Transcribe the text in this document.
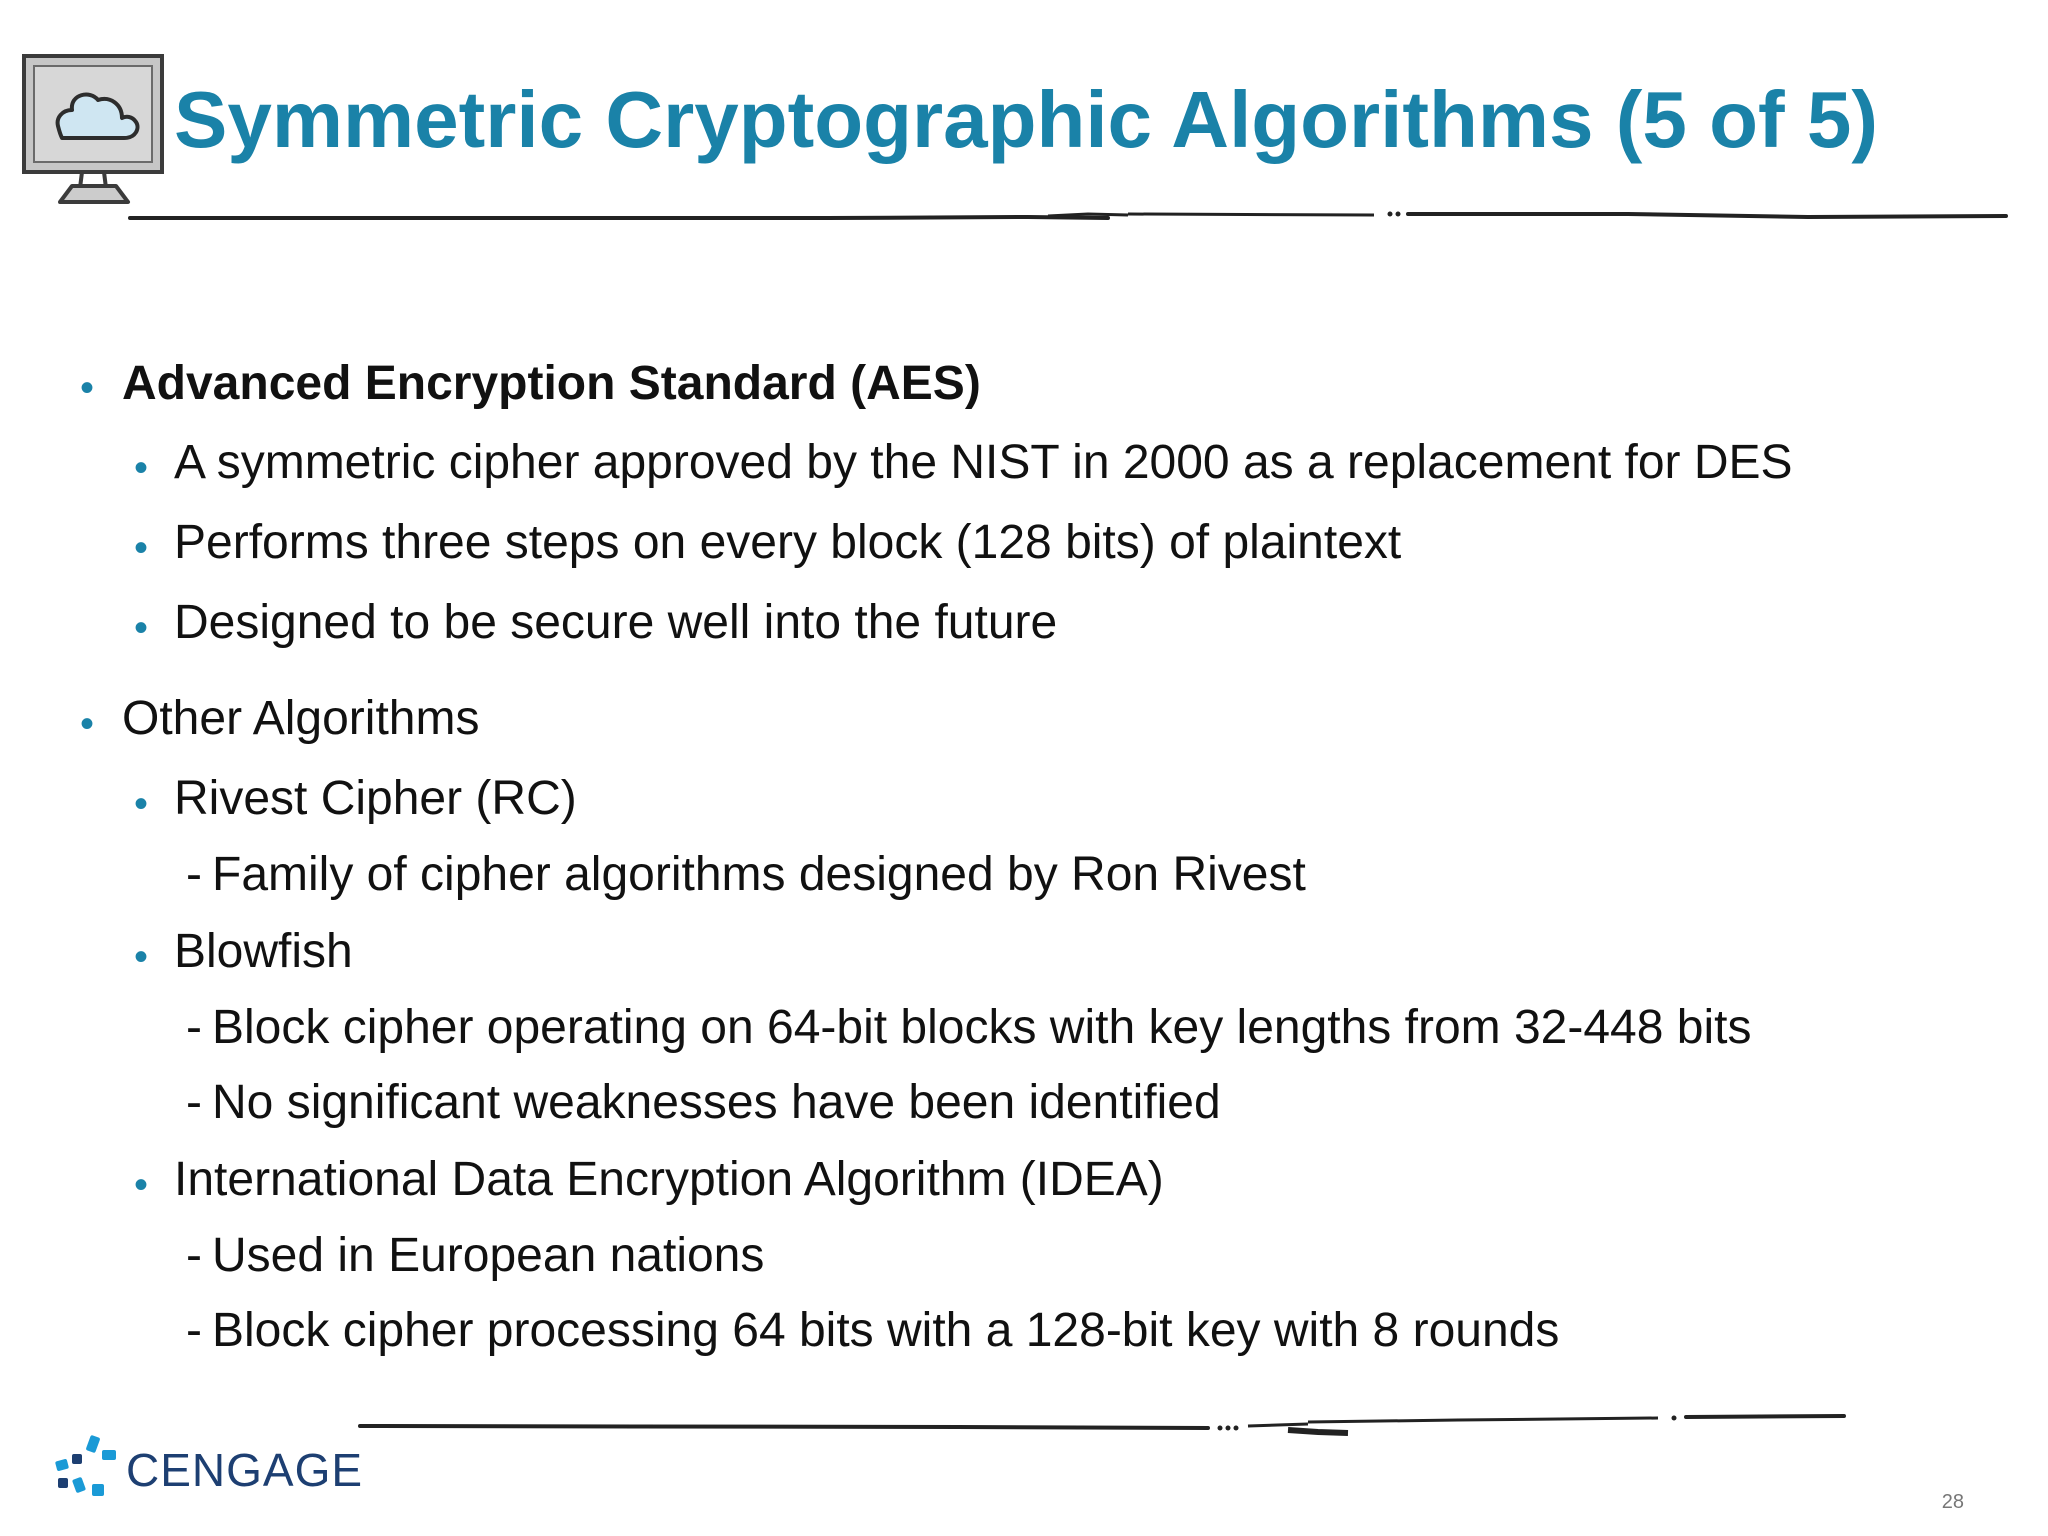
Symmetric Cryptographic Algorithms (5 of 5)
• Advanced Encryption Standard (AES)
• A symmetric cipher approved by the NIST in 2000 as a replacement for DES
• Performs three steps on every block (128 bits) of plaintext
• Designed to be secure well into the future
• Other Algorithms
• Rivest Cipher (RC)
- Family of cipher algorithms designed by Ron Rivest
• Blowfish
- Block cipher operating on 64-bit blocks with key lengths from 32-448 bits
- No significant weaknesses have been identified
• International Data Encryption Algorithm (IDEA)
- Used in European nations
- Block cipher processing 64 bits with a 128-bit key with 8 rounds
CENGAGE
28
